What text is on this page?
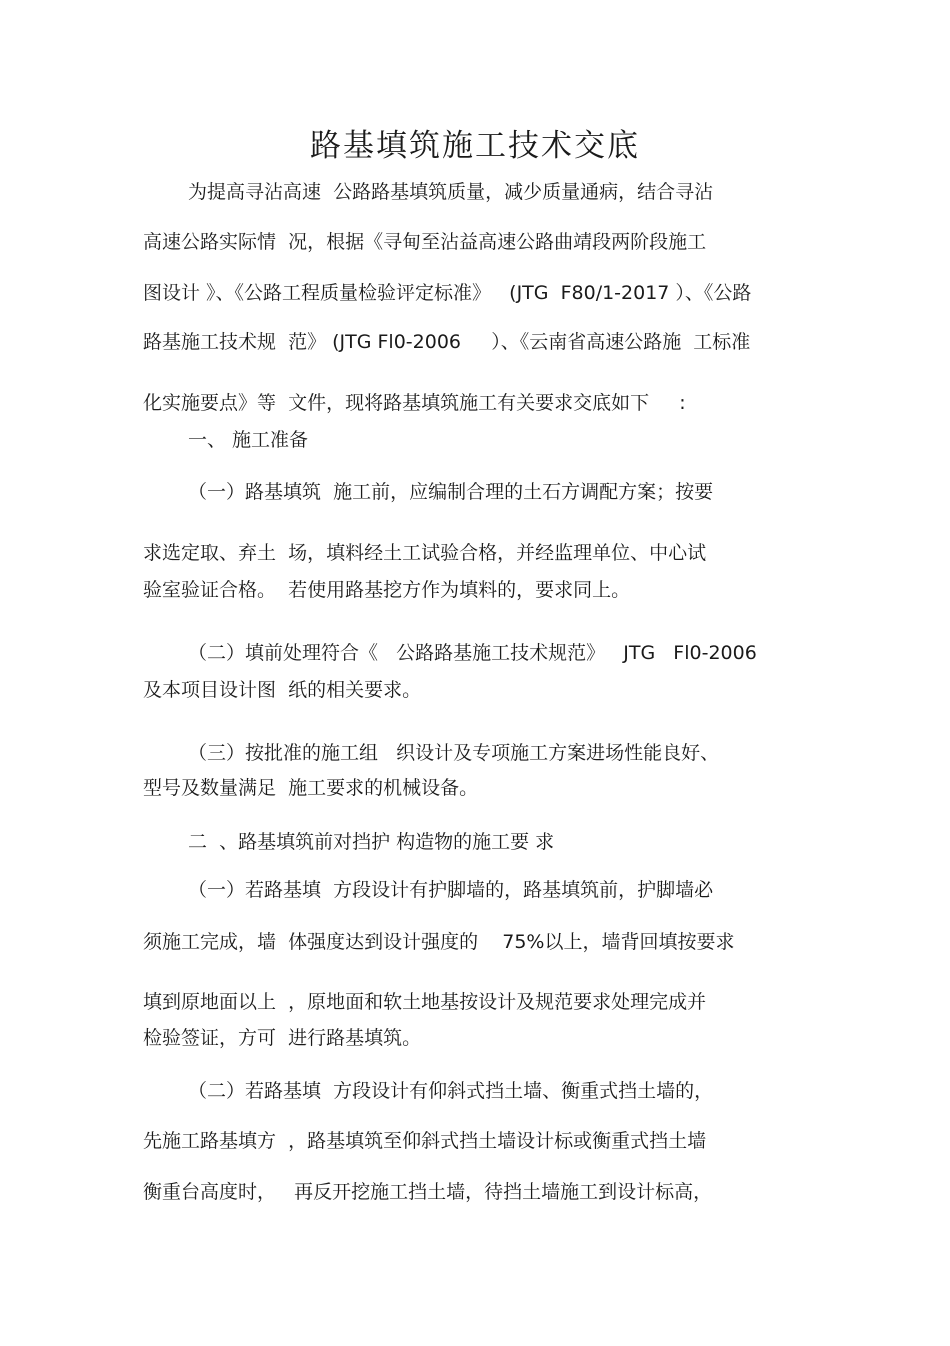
路基填筑施工技术交底
为提高寻沾高速  公路路基填筑质量，减少质量通病，结合寻沾
高速公路实际情  况，根据《寻甸至沾益高速公路曲靖段两阶段施工
图设计 》、《公路工程质量检验评定标准》   (JTG  F80/1-2017 ）、《公路
路基施工技术规  范》 (JTG Fl0-2006     ）、《云南省高速公路施  工标准
化实施要点》等  文件，现将路基填筑施工有关要求交底如下     :
一、 施工准备
（一）路基填筑  施工前，应编制合理的土石方调配方案；按要
求选定取、弃土  场，填料经土工试验合格，并经监理单位、中心试
验室验证合格。  若使用路基挖方作为填料的，要求同上。
（二）填前处理符合《   公路路基施工技术规范》   JTG   Fl0-2006
及本项目设计图  纸的相关要求。
（三）按批准的施工组   织设计及专项施工方案进场性能良好、
型号及数量满足  施工要求的机械设备。
二  、路基填筑前对挡护 构造物的施工要 求
（一）若路基填  方段设计有护脚墙的，路基填筑前，护脚墙必
须施工完成，墙  体强度达到设计强度的    75%以上，墙背回填按要求
填到原地面以上  ，原地面和软土地基按设计及规范要求处理完成并
检验签证，方可  进行路基填筑。
（二）若路基填  方段设计有仰斜式挡土墙、衡重式挡土墙的，
先施工路基填方  ，路基填筑至仰斜式挡土墙设计标或衡重式挡土墙
衡重台高度时，   再反开挖施工挡土墙，待挡土墙施工到设计标高，
